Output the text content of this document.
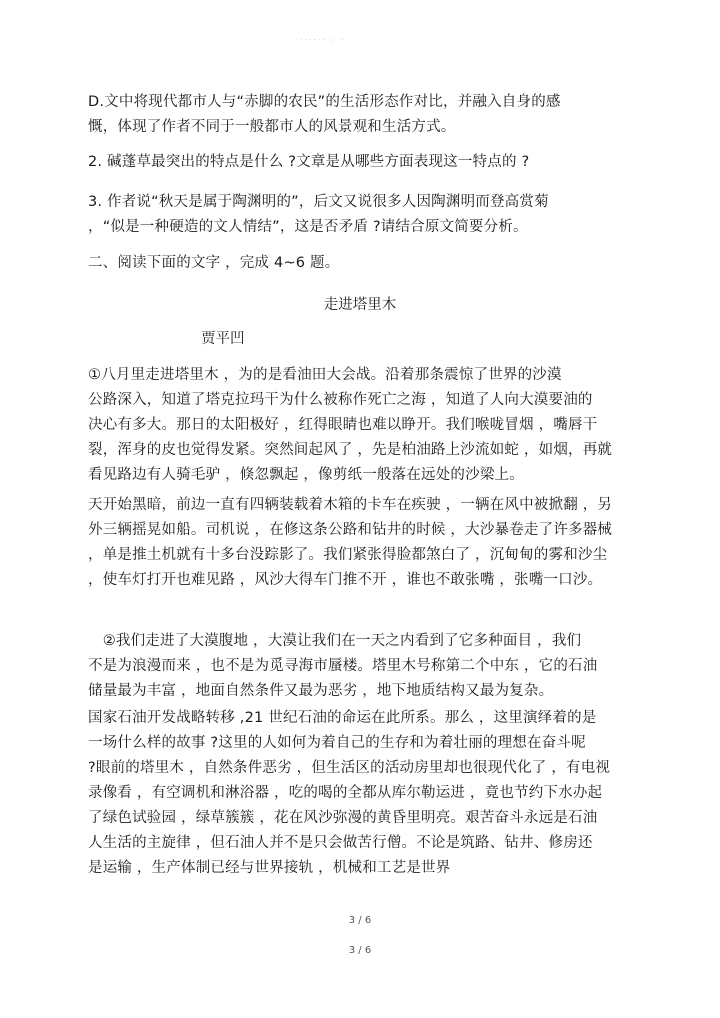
...... , .
D.文中将现代都市人与“赤脚的农民”的生活形态作对比，并融入自身的感
慨，体现了作者不同于一般都市人的风景观和生活方式。
2. 碱蓬草最突出的特点是什么 ?文章是从哪些方面表现这一特点的 ?
3. 作者说“秋天是属于陶渊明的”，后文又说很多人因陶渊明而登高赏菊
，“似是一种硬造的文人情结”，这是否矛盾 ?请结合原文简要分析。
二、阅读下面的文字 ，完成 4~6 题。
走进塔里木
贾平凹
①八月里走进塔里木 ，为的是看油田大会战。沿着那条震惊了世界的沙漠
公路深入，知道了塔克拉玛干为什么被称作死亡之海 ，知道了人向大漠要油的
决心有多大。那日的太阳极好 ，红得眼睛也难以睁开。我们喉咙冒烟 ，嘴唇干
裂，浑身的皮也觉得发紧。突然间起风了 ，先是柏油路上沙流如蛇 ，如烟，再就
看见路边有人骑毛驴 ，倏忽飘起 ，像剪纸一般落在远处的沙梁上。
天开始黑暗，前边一直有四辆装载着木箱的卡车在疾驶 ，一辆在风中被掀翻 ，另
外三辆摇晃如船。司机说 ，在修这条公路和钻井的时候 ，大沙暴卷走了许多器械
，单是推土机就有十多台没踪影了。我们紧张得脸都煞白了 ，沉甸甸的雾和沙尘
，使车灯打开也难见路 ，风沙大得车门推不开 ，谁也不敢张嘴 ，张嘴一口沙。
　②我们走进了大漠腹地 ，大漠让我们在一天之内看到了它多种面目 ，我们
不是为浪漫而来 ，也不是为觅寻海市蜃楼。塔里木号称第二个中东 ，它的石油
储量最为丰富 ，地面自然条件又最为恶劣 ，地下地质结构又最为复杂。
国家石油开发战略转移 ,21 世纪石油的命运在此所系。那么 ，这里演绎着的是
一场什么样的故事 ?这里的人如何为着自己的生存和为着壮丽的理想在奋斗呢
?眼前的塔里木 ，自然条件恶劣 ，但生活区的活动房里却也很现代化了 ，有电视
录像看 ，有空调机和淋浴器 ，吃的喝的全都从库尔勒运进 ，竟也节约下水办起
了绿色试验园 ，绿草簇簇 ，花在风沙弥漫的黄昏里明亮。艰苦奋斗永远是石油
人生活的主旋律 ，但石油人并不是只会做苦行僧。不论是筑路、钻井、修房还
是运输 ，生产体制已经与世界接轨 ，机械和工艺是世界
3 / 6
3 / 6
